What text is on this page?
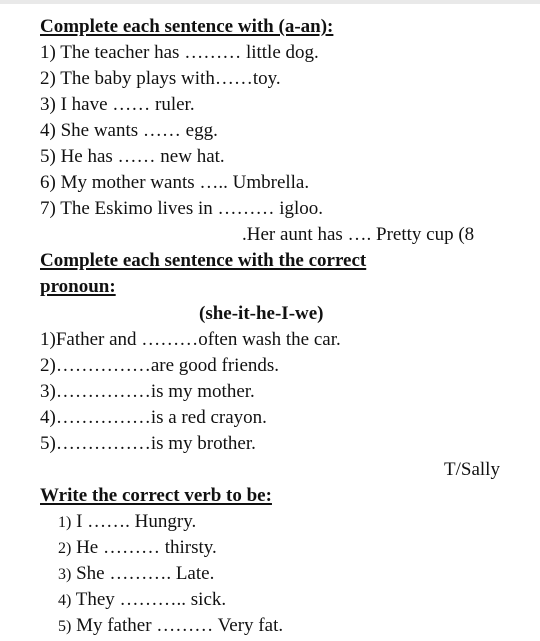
Complete each sentence with (a-an):
1) The teacher has ……… little dog.
2) The baby plays with……toy.
3) I have …… ruler.
4) She wants …… egg.
5) He has …… new hat.
6) My mother wants ….. Umbrella.
7) The Eskimo lives in ……… igloo.
.Her aunt has …. Pretty cup (8
Complete each sentence with the correct
pronoun:
(she-it-he-I-we)
1)Father and ………often wash the car.
2)……………are good friends.
3)……………is my mother.
4)……………is a red crayon.
5)……………is my brother.
T/Sally
Write the correct verb to be:
1) I ……. Hungry.
2) He ……… thirsty.
3) She ………. Late.
4) They ……….. sick.
5) My father ……… Very fat.
